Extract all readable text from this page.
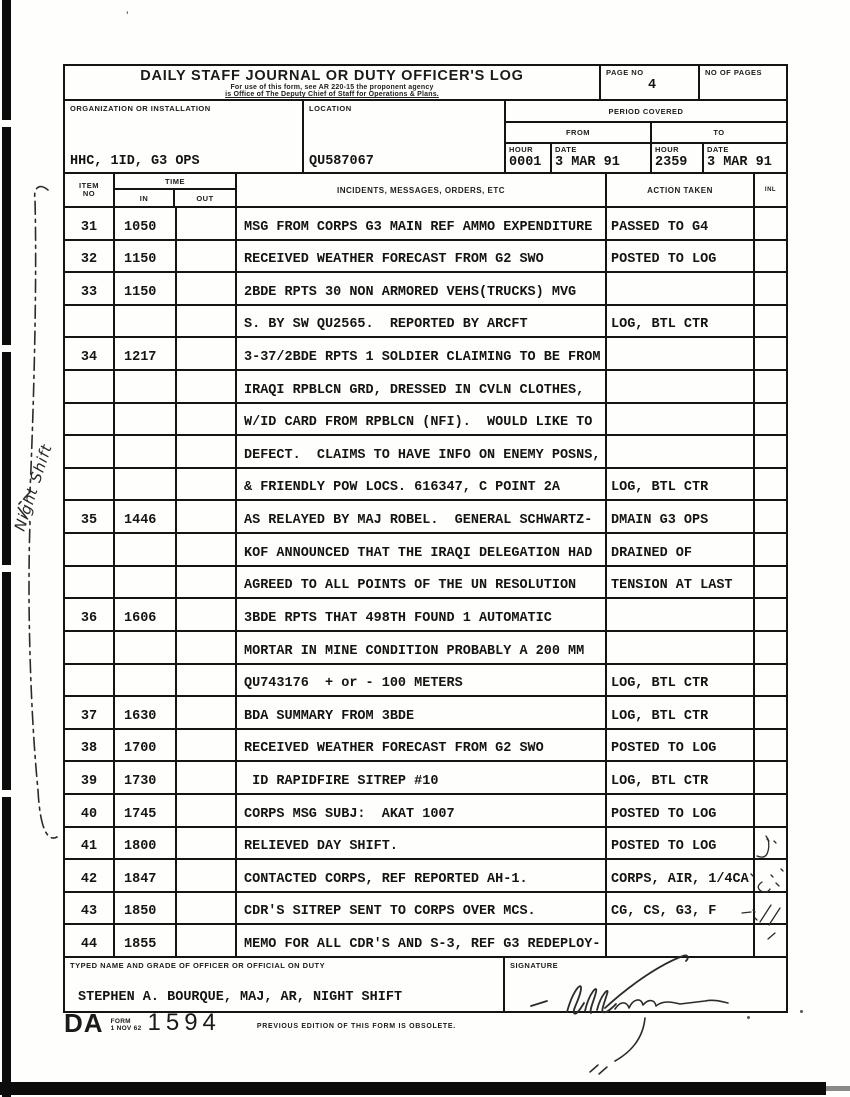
’
Night Shift
DAILY STAFF JOURNAL OR DUTY OFFICER'S LOG
For use of this form, see AR 220-15 the proponent agency
is Office of The Deputy Chief of Staff for Operations & Plans.
PAGE NO
4
NO OF PAGES
ORGANIZATION OR INSTALLATION
HHC, 1ID, G3 OPS
LOCATION
QU587067
PERIOD COVERED
FROM	TO
HOUR
0001
DATE
3 MAR 91
HOUR
2359
DATE
3 MAR 91
ITEM
NO
TIME
IN	OUT
INCIDENTS, MESSAGES, ORDERS, ETC	ACTION TAKEN	INL
31	1050	MSG FROM CORPS G3 MAIN REF AMMO EXPENDITURE	PASSED TO G4
32	1150	RECEIVED WEATHER FORECAST FROM G2 SWO	POSTED TO LOG
33	1150	2BDE RPTS 30 NON ARMORED VEHS(TRUCKS) MVG
S. BY SW QU2565.  REPORTED BY ARCFT	LOG, BTL CTR
34	1217	3-37/2BDE RPTS 1 SOLDIER CLAIMING TO BE FROM
IRAQI RPBLCN GRD, DRESSED IN CVLN CLOTHES,
W/ID CARD FROM RPBLCN (NFI).  WOULD LIKE TO
DEFECT.  CLAIMS TO HAVE INFO ON ENEMY POSNS,
& FRIENDLY POW LOCS. 616347, C POINT 2A	LOG, BTL CTR
35	1446	AS RELAYED BY MAJ ROBEL.  GENERAL SCHWARTZ-	DMAIN G3 OPS
KOF ANNOUNCED THAT THE IRAQI DELEGATION HAD	DRAINED OF
AGREED TO ALL POINTS OF THE UN RESOLUTION	TENSION AT LAST
36	1606	3BDE RPTS THAT 498TH FOUND 1 AUTOMATIC
MORTAR IN MINE CONDITION PROBABLY A 200 MM
QU743176  + or - 100 METERS	LOG, BTL CTR
37	1630	BDA SUMMARY FROM 3BDE	LOG, BTL CTR
38	1700	RECEIVED WEATHER FORECAST FROM G2 SWO	POSTED TO LOG
39	1730	ID RAPIDFIRE SITREP #10	LOG, BTL CTR
40	1745	CORPS MSG SUBJ:  AKAT 1007	POSTED TO LOG
41	1800	RELIEVED DAY SHIFT.	POSTED TO LOG
42	1847	CONTACTED CORPS, REF REPORTED AH-1.	CORPS, AIR, 1/4CA
43	1850	CDR'S SITREP SENT TO CORPS OVER MCS.	CG, CS, G3, F
44	1855	MEMO FOR ALL CDR'S AND S-3, REF G3 REDEPLOY-
TYPED NAME AND GRADE OF OFFICER OR OFFICIAL ON DUTY
STEPHEN A. BOURQUE, MAJ, AR, NIGHT SHIFT
SIGNATURE
DA FORM
1 NOV 62 1594	PREVIOUS EDITION OF THIS FORM IS OBSOLETE.
